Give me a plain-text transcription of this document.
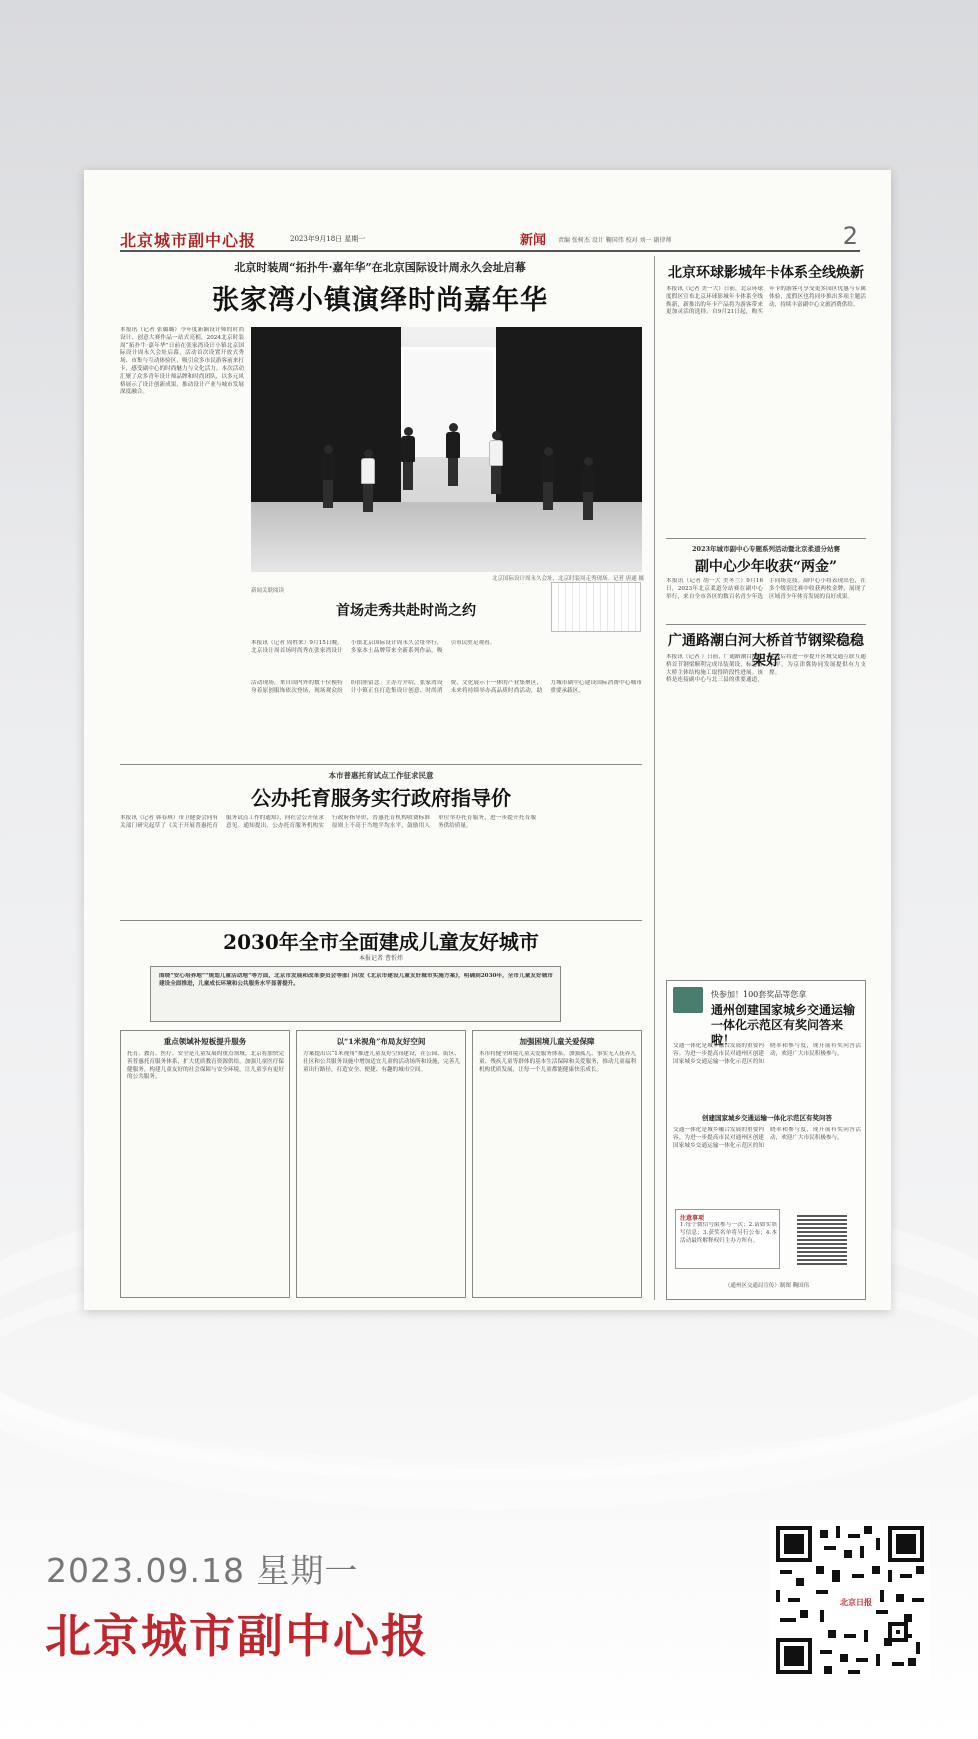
北京城市副中心报	2023年9月18日 星期一	新闻 责编 张树杰 设计 鞠国伟 校对 刘一 副律师	2
北京时装周“拓扑牛·嘉年华”在北京国际设计周永久会址启幕
张家湾小镇演绎时尚嘉年华
本报讯（记者 张璐璐）今年度新颖设计师的时尚设计、创意大赛作品一站式亮相，2024北京时装周“拓扑牛·嘉年华”日前在张家湾设计小镇北京国际设计周永久会址启幕，活动首次设置开放式秀场、市集与互动体验区，吸引众多市民游客前来打卡，感受副中心的时尚魅力与文化活力。本次活动汇聚了众多青年设计师品牌和时尚团队，以多元风格展示了设计创新成果，推动设计产业与城市发展深度融合。
北京国际设计周永久会址，北京时装周走秀现场。记者 唐通 摄
新闻关联阅读
首场走秀共赴时尚之约
本报讯（记者 周姓来）9月15日晚，北京设计周首场时尚秀在张家湾设计小镇北京国际设计周永久会址举行，多家本土品牌带来全新系列作品，吸引市民驻足观看。
活动现场，来自国内外的数十位模特身着原创服饰依次登场，现场观众纷纷拍照留念。主办方介绍，张家湾设计小镇正在打造集设计创意、时尚消费、文化展示于一体的产业集聚区，未来将持续举办高品质时尚活动，助力城市副中心建设国际消费中心城市重要承载区。
本市普惠托育试点工作征求民意
公办托育服务实行政府指导价
本报讯（记者 韩春琪）市卫健委会同有关部门研究起草了《关于开展普惠托育服务试点工作的通知》，向社会公开征求意见。通知提出，公办托育服务机构实行政府指导价，普惠托育机构收费标准原则上不高于当地平均水平，鼓励用人单位举办托育服务，进一步提升托育服务供给质量。
2030年全市全面建成儿童友好城市
本报记者 曹忻炜
围绕“安心培养地”“规划儿童活动地”等方面，北京市发展和改革委员会等部门印发《北京市建设儿童友好城市实施方案》，明确到2030年，全市儿童友好城市建设全面推进，儿童成长环境和公共服务水平显著提升。
重点领域补短板提升服务
托育、教育、医疗、安全是儿童发展的重点领域。北京将加快完善普惠托育服务体系，扩大优质教育资源供给，加强儿童医疗保健服务，构建儿童友好的社会保障与安全环境，让儿童享有更好的公共服务。
以“1米视角”布局友好空间
方案提出以“1米视角”推进儿童友好空间建设，在公园、街区、社区和公共服务设施中增加适宜儿童的活动场所和设施，完善儿童出行路径，打造安全、便捷、有趣的城市空间。
加强困境儿童关爱保障
本市将健全困境儿童关爱服务体系，加强孤儿、事实无人抚养儿童、残疾儿童等群体的基本生活保障和关爱服务，推动儿童福利机构优质发展，让每一个儿童都能健康快乐成长。
北京环球影城年卡体系全线焕新
本报讯（记者 美一大）日前，北京环球度假区宣布北京环球影城年卡体系全线焕新，新推出的年卡产品将为游客带来更加灵活的选择。自9月21日起，购买年卡的游客可享受更多园区优惠与专属体验，度假区也将同步推出多项主题活动，持续丰富副中心文旅消费供给。
2023年城市副中心专题系列活动暨北京柔道分站赛
副中心少年收获“两金”
本报讯（记者 胡一大 美冬兰）9月16日，2023年北京柔道分站赛在副中心举行，来自全市各区的数百名青少年选手同场竞技。副中心小将表现出色，在多个级别比赛中收获两枚金牌，展现了区域青少年体育发展的良好成果。
广通路潮白河大桥首节钢梁稳稳架好
本报讯（记者 ）日前，广通路潮白河大桥首节钢梁顺利完成吊装架设，标志着大桥主体结构施工取得阶段性进展。该桥是连接副中心与北三县的重要通道，建成后将进一步提升区域交通互联互通水平，为京津冀协同发展提供有力支撑。
快参加！100套奖品等您拿
通州创建国家城乡交通运输一体化示范区有奖问答来啦！
交通一体化是城乡融合发展的重要内容。为进一步提高市民对通州区创建国家城乡交通运输一体化示范区的知晓率和参与度，现开展有奖问答活动，欢迎广大市民积极参与。
创建国家城乡交通运输一体化示范区有奖问答
交通一体化是城乡融合发展的重要内容。为进一步提高市民对通州区创建国家城乡交通运输一体化示范区的知晓率和参与度，现开展有奖问答活动，欢迎广大市民积极参与。
注意事项
1.每个微信号限参与一次；2.请如实填写信息；3.获奖名单将另行公布；4.本活动最终解释权归主办方所有。
（通州区交通局宣传）制图 鞠国伟
2023.09.18 星期一
北京城市副中心报
北京日报
